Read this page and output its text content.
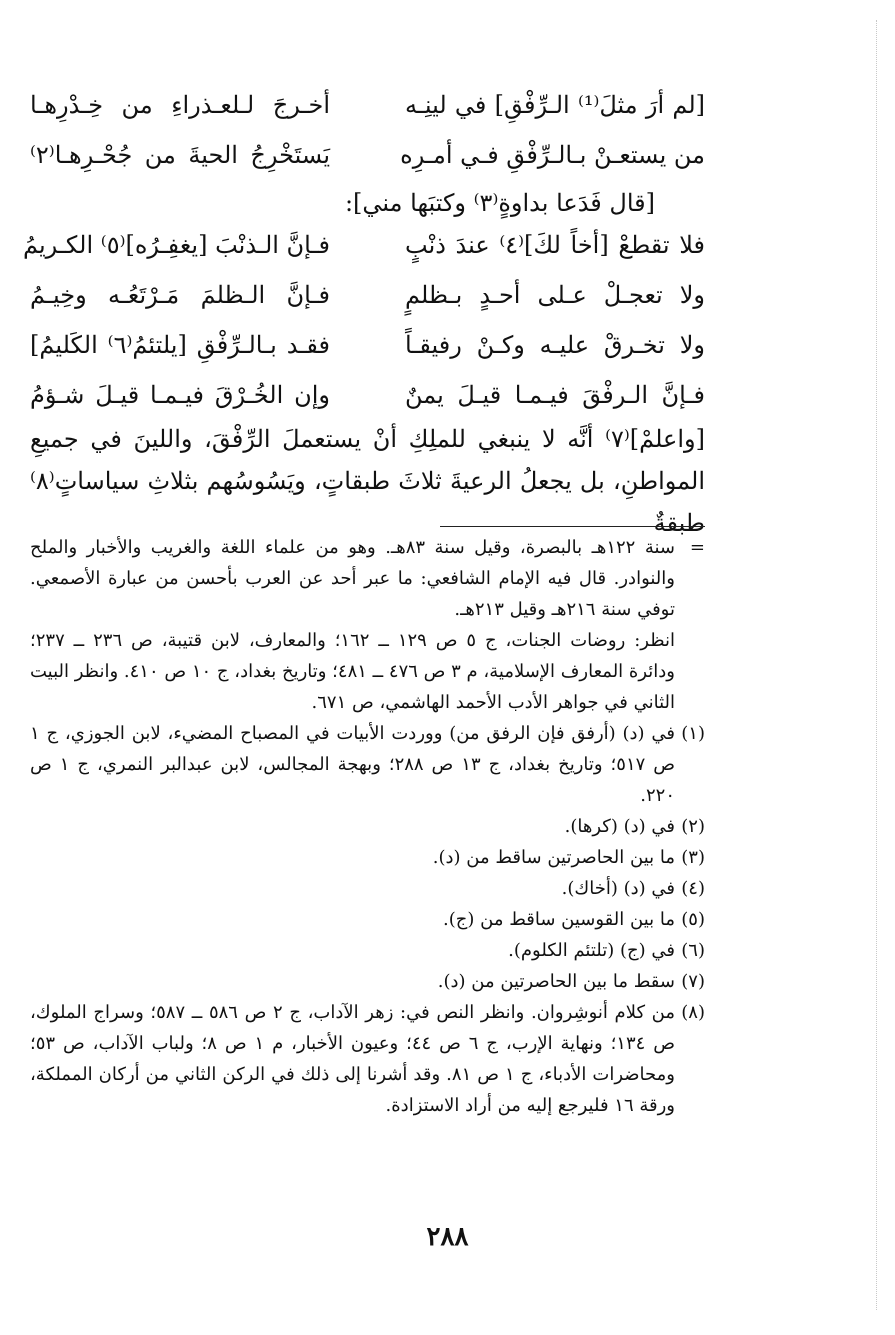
[لم أرَ مثلَ⁽¹⁾ الـرِّفْقِ] في لينِـه
أخـرجَ لـلعـذراءِ من خِـدْرِهـا
من يستعـنْ بـالـرِّفْقِ فـي أمـرِه
يَستَخْرِجُ الحيةَ من جُحْـرِهـا⁽٢⁾
[قال فَدَعا بداوةٍ⁽٣⁾ وكتبَها مني]:
فلا تقطعْ [أخاً لكَ]⁽٤⁾ عندَ ذنْبٍ
فـإنَّ الـذنْبَ [يغفِـرُه]⁽٥⁾ الكـريمُ
ولا تعجـلْ عـلى أحـدٍ بـظلمٍ
فـإنَّ الـظلمَ مَـرْتَعُـه وخِيـمُ
ولا تخـرقْ عليـه وكـنْ رفيقـاً
فقـد بـالـرِّفْقِ [يلتئمُ⁽٦⁾ الكَليمُ]
فـإنَّ الـرفْقَ فيـمـا قيـلَ يمنٌ
وإن الخُـرْقَ فيـمـا قيـلَ شـؤمُ
[واعلمْ]⁽٧⁾ أنَّه لا ينبغي للملِكِ أنْ يستعملَ الرِّفْقَ، واللينَ في جميعِ المواطنِ، بل يجعلُ الرعيةَ ثلاثَ طبقاتٍ، ويَسُوسُهم بثلاثِ سياساتٍ⁽٨⁾ طبقةٌ
=
سنة ١٢٢هـ بالبصرة، وقيل سنة ٨٣هـ. وهو من علماء اللغة والغريب والأخبار والملح والنوادر. قال فيه الإمام الشافعي: ما عبر أحد عن العرب بأحسن من عبارة الأصمعي. توفي سنة ٢١٦هـ وقيل ٢١٣هـ.
انظر: روضات الجنات، ج ٥ ص ١٢٩ ــ ١٦٢؛ والمعارف، لابن قتيبة، ص ٢٣٦ ــ ٢٣٧؛ ودائرة المعارف الإسلامية، م ٣ ص ٤٧٦ ــ ٤٨١؛ وتاريخ بغداد، ج ١٠ ص ٤١٠. وانظر البيت الثاني في جواهر الأدب الأحمد الهاشمي، ص ٦٧١.
(١)
في (د) (أرفق فإن الرفق من) ووردت الأبيات في المصباح المضيء، لابن الجوزي، ج ١ ص ٥١٧؛ وتاريخ بغداد، ج ١٣ ص ٢٨٨؛ وبهجة المجالس، لابن عبدالبر النمري، ج ١ ص ٢٢٠.
(٢)
في (د) (كرها).
(٣)
ما بين الحاصرتين ساقط من (د).
(٤)
في (د) (أخاك).
(٥)
ما بين القوسين ساقط من (ج).
(٦)
في (ج) (تلتئم الكلوم).
(٧)
سقط ما بين الحاصرتين من (د).
(٨)
من كلام أنوشِروان. وانظر النص في: زهر الآداب، ج ٢ ص ٥٨٦ ــ ٥٨٧؛ وسراج الملوك، ص ١٣٤؛ ونهاية الإرب، ج ٦ ص ٤٤؛ وعيون الأخبار، م ١ ص ٨؛ ولباب الآداب، ص ٥٣؛ ومحاضرات الأدباء، ج ١ ص ٨١. وقد أشرنا إلى ذلك في الركن الثاني من أركان المملكة، ورقة ١٦ فليرجع إليه من أراد الاستزادة.
٢٨٨
